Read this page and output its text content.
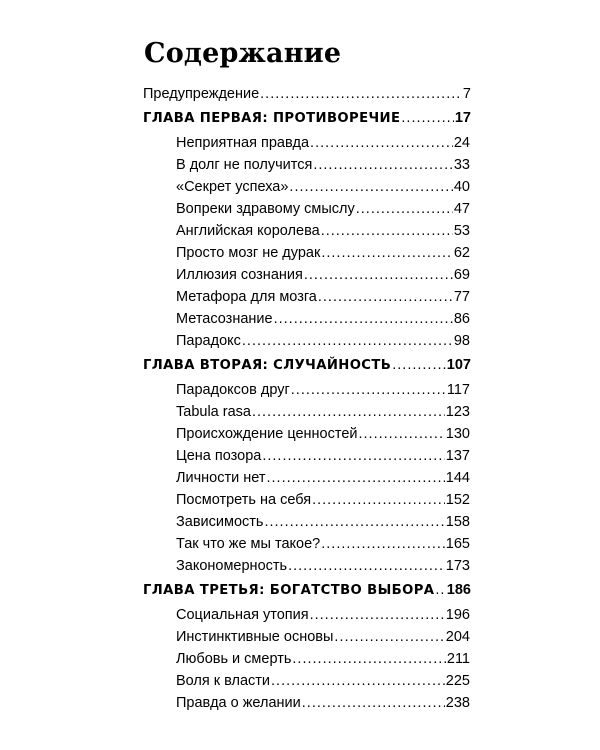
Содержание
Предупреждение .....	7
ГЛАВА ПЕРВАЯ: ПРОТИВОРЕЧИЕ .....	17
Неприятная правда .....	24
В долг не получится .....	33
«Секрет успеха» .....	40
Вопреки здравому смыслу .....	47
Английская королева .....	53
Просто мозг не дурак .....	62
Иллюзия сознания .....	69
Метафора для мозга .....	77
Метасознание .....	86
Парадокс .....	98
ГЛАВА ВТОРАЯ: СЛУЧАЙНОСТЬ .....	107
Парадоксов друг .....	117
Tabula rasa .....	123
Происхождение ценностей .....	130
Цена позора .....	137
Личности нет .....	144
Посмотреть на себя .....	152
Зависимость .....	158
Так что же мы такое? .....	165
Закономерность .....	173
ГЛАВА ТРЕТЬЯ: БОГАТСТВО ВЫБОРА ..... 186
Социальная утопия .....	196
Инстинктивные основы .....	204
Любовь и смерть .....	211
Воля к власти .....	225
Правда о желании .....	238
